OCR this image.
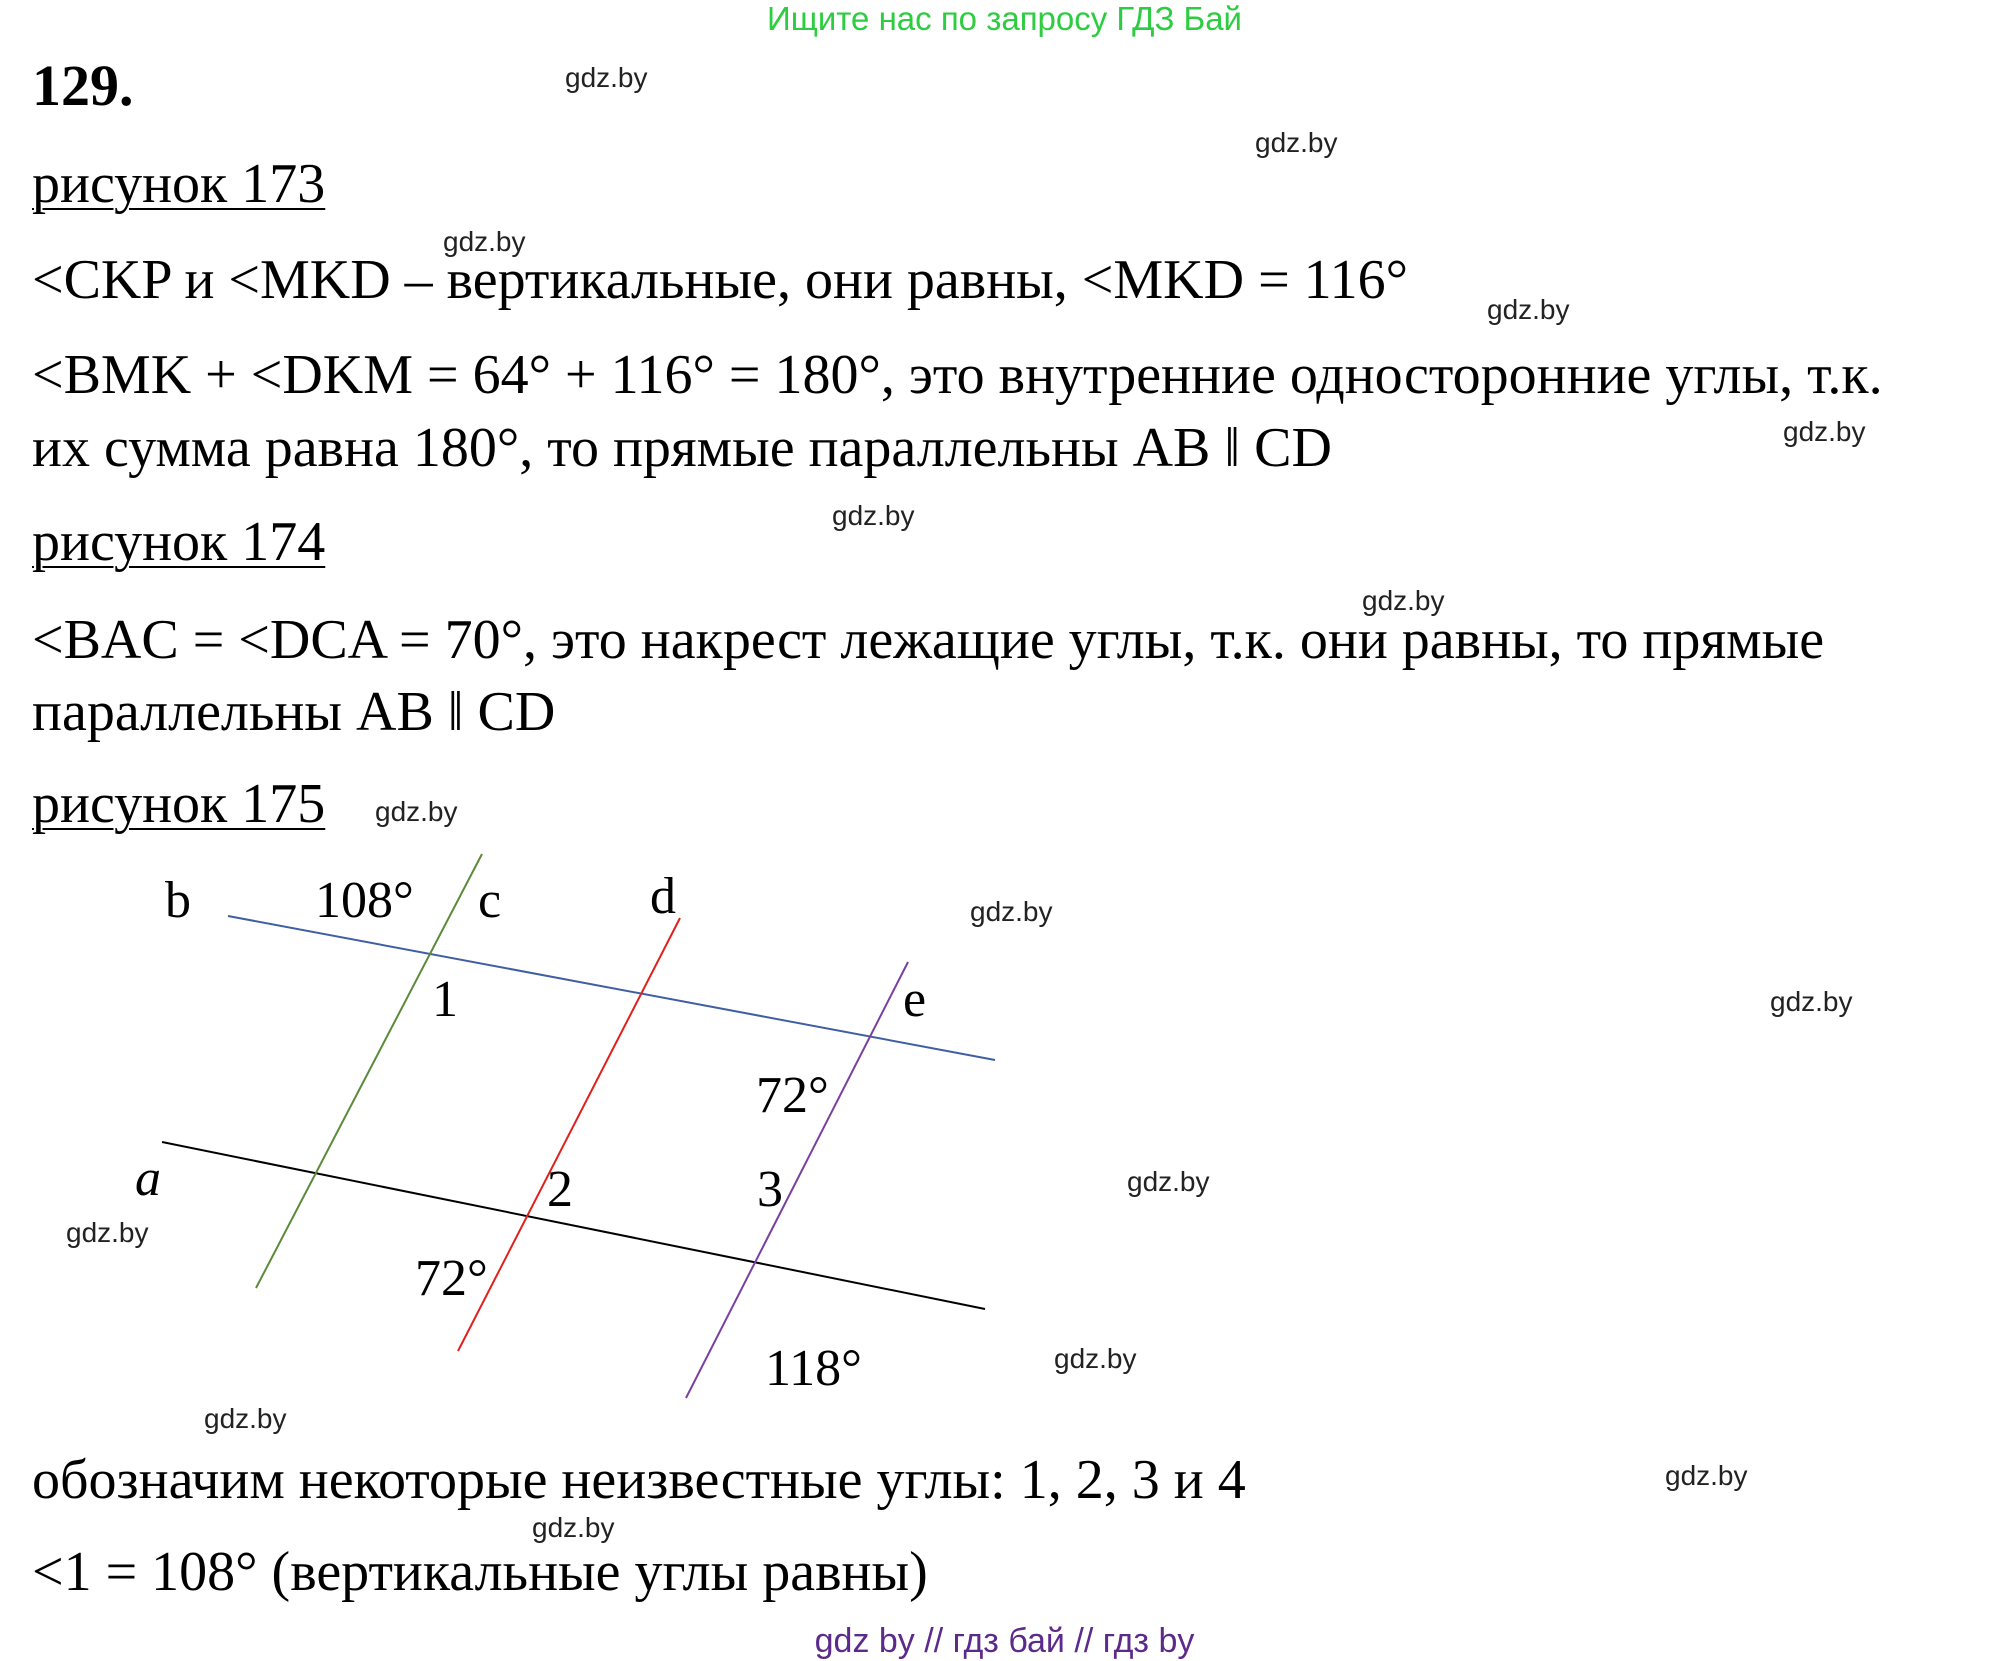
Ищите нас по запросу ГДЗ Бай
129.
рисунок 173
<CKP и <MKD – вертикальные, они равны, <MKD = 116°
<BMK + <DKM = 64° + 116° = 180°, это внутренние односторонние углы, т.к.
их сумма равна 180°, то прямые параллельны AB ‖ CD
рисунок 174
<BAC = <DCA = 70°, это накрест лежащие углы, т.к. они равны, то прямые
параллельны AB ‖ CD
рисунок 175
b 108° c	d
e
1
72°
a	2	3
72°
118°
обозначим некоторые неизвестные углы: 1, 2, 3 и 4
<1 = 108° (вертикальные углы равны)
gdz.by
gdz.by
gdz.by
gdz.by
gdz.by
gdz.by
gdz.by
gdz.by
gdz.by
gdz.by
gdz.by
gdz.by
gdz.by
gdz.by
gdz.by
gdz.by
gdz by // гдз бай // гдз by
